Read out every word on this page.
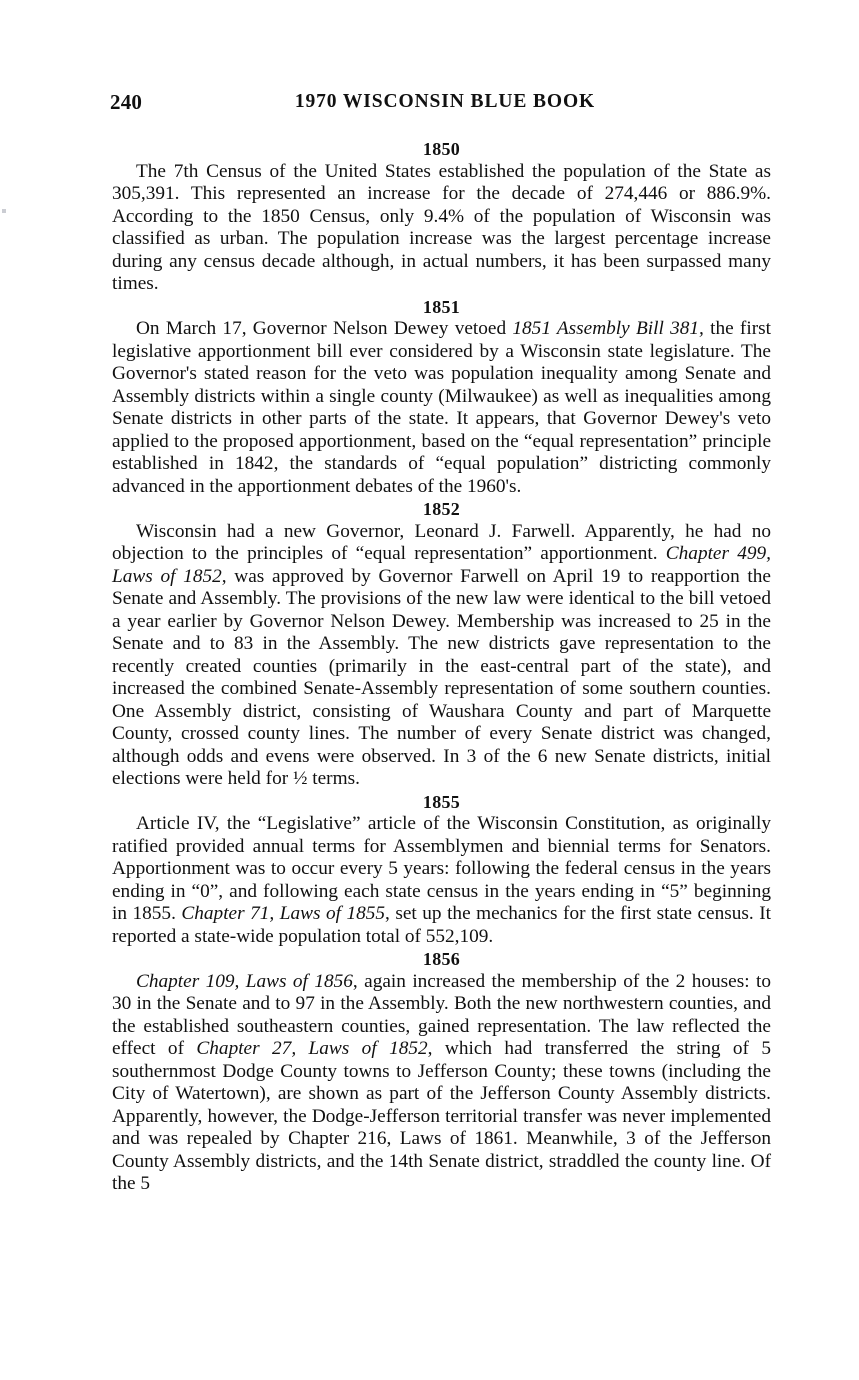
240	1970 WISCONSIN BLUE BOOK
1850

The 7th Census of the United States established the population of the State as 305,391. This represented an increase for the decade of 274,446 or 886.9%. According to the 1850 Census, only 9.4% of the population of Wisconsin was classified as urban. The population increase was the largest percentage increase during any census decade although, in actual numbers, it has been surpassed many times.

1851

On March 17, Governor Nelson Dewey vetoed 1851 Assembly Bill 381, the first legislative apportionment bill ever considered by a Wisconsin state legislature. The Governor's stated reason for the veto was population inequality among Senate and Assembly districts within a single county (Milwaukee) as well as inequalities among Senate districts in other parts of the state. It appears, that Governor Dewey's veto applied to the proposed apportionment, based on the “equal representation” principle established in 1842, the standards of “equal population” districting commonly advanced in the apportionment debates of the 1960's.

1852

Wisconsin had a new Governor, Leonard J. Farwell. Apparently, he had no objection to the principles of “equal representation” apportionment. Chapter 499, Laws of 1852, was approved by Governor Farwell on April 19 to reapportion the Senate and Assembly. The provisions of the new law were identical to the bill vetoed a year earlier by Governor Nelson Dewey. Membership was increased to 25 in the Senate and to 83 in the Assembly. The new districts gave representation to the recently created counties (primarily in the east-central part of the state), and increased the combined Senate-Assembly representation of some southern counties. One Assembly district, consisting of Waushara County and part of Marquette County, crossed county lines. The number of every Senate district was changed, although odds and evens were observed. In 3 of the 6 new Senate districts, initial elections were held for ½ terms.

1855

Article IV, the “Legislative” article of the Wisconsin Constitution, as originally ratified provided annual terms for Assemblymen and biennial terms for Senators. Apportionment was to occur every 5 years: following the federal census in the years ending in “0”, and following each state census in the years ending in “5” beginning in 1855. Chapter 71, Laws of 1855, set up the mechanics for the first state census. It reported a state-wide population total of 552,109.

1856

Chapter 109, Laws of 1856, again increased the membership of the 2 houses: to 30 in the Senate and to 97 in the Assembly. Both the new northwestern counties, and the established southeastern counties, gained representation. The law reflected the effect of Chapter 27, Laws of 1852, which had transferred the string of 5 southernmost Dodge County towns to Jefferson County; these towns (including the City of Watertown), are shown as part of the Jefferson County Assembly districts. Apparently, however, the Dodge-Jefferson territorial transfer was never implemented and was repealed by Chapter 216, Laws of 1861. Meanwhile, 3 of the Jefferson County Assembly districts, and the 14th Senate district, straddled the county line. Of the 5
